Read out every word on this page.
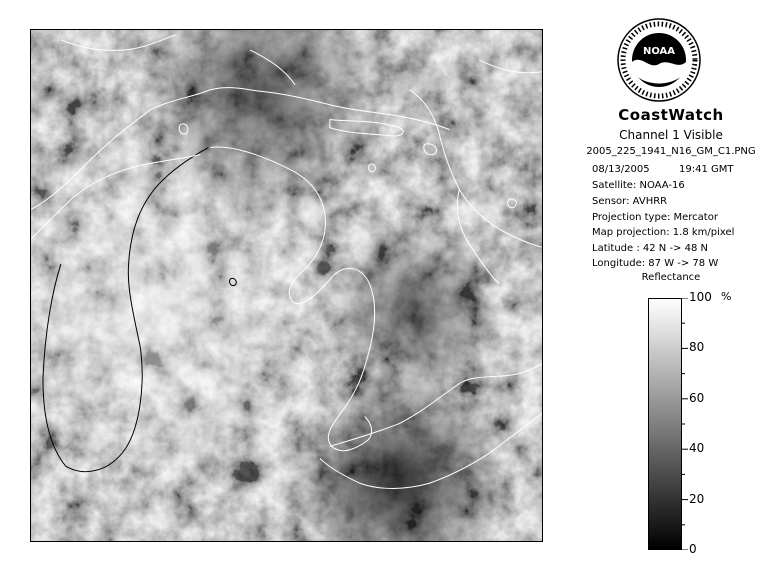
NOAA
CoastWatch
Channel 1 Visible
2005_225_1941_N16_GM_C1.PNG
08/13/2005	19:41 GMT
Satellite: NOAA-16
Sensor: AVHRR
Projection type: Mercator
Map projection: 1.8 km/pixel
Latitude : 42 N -> 48 N
Longitude: 87 W -> 78 W
Reflectance
100
80
60
40
20
0
%
